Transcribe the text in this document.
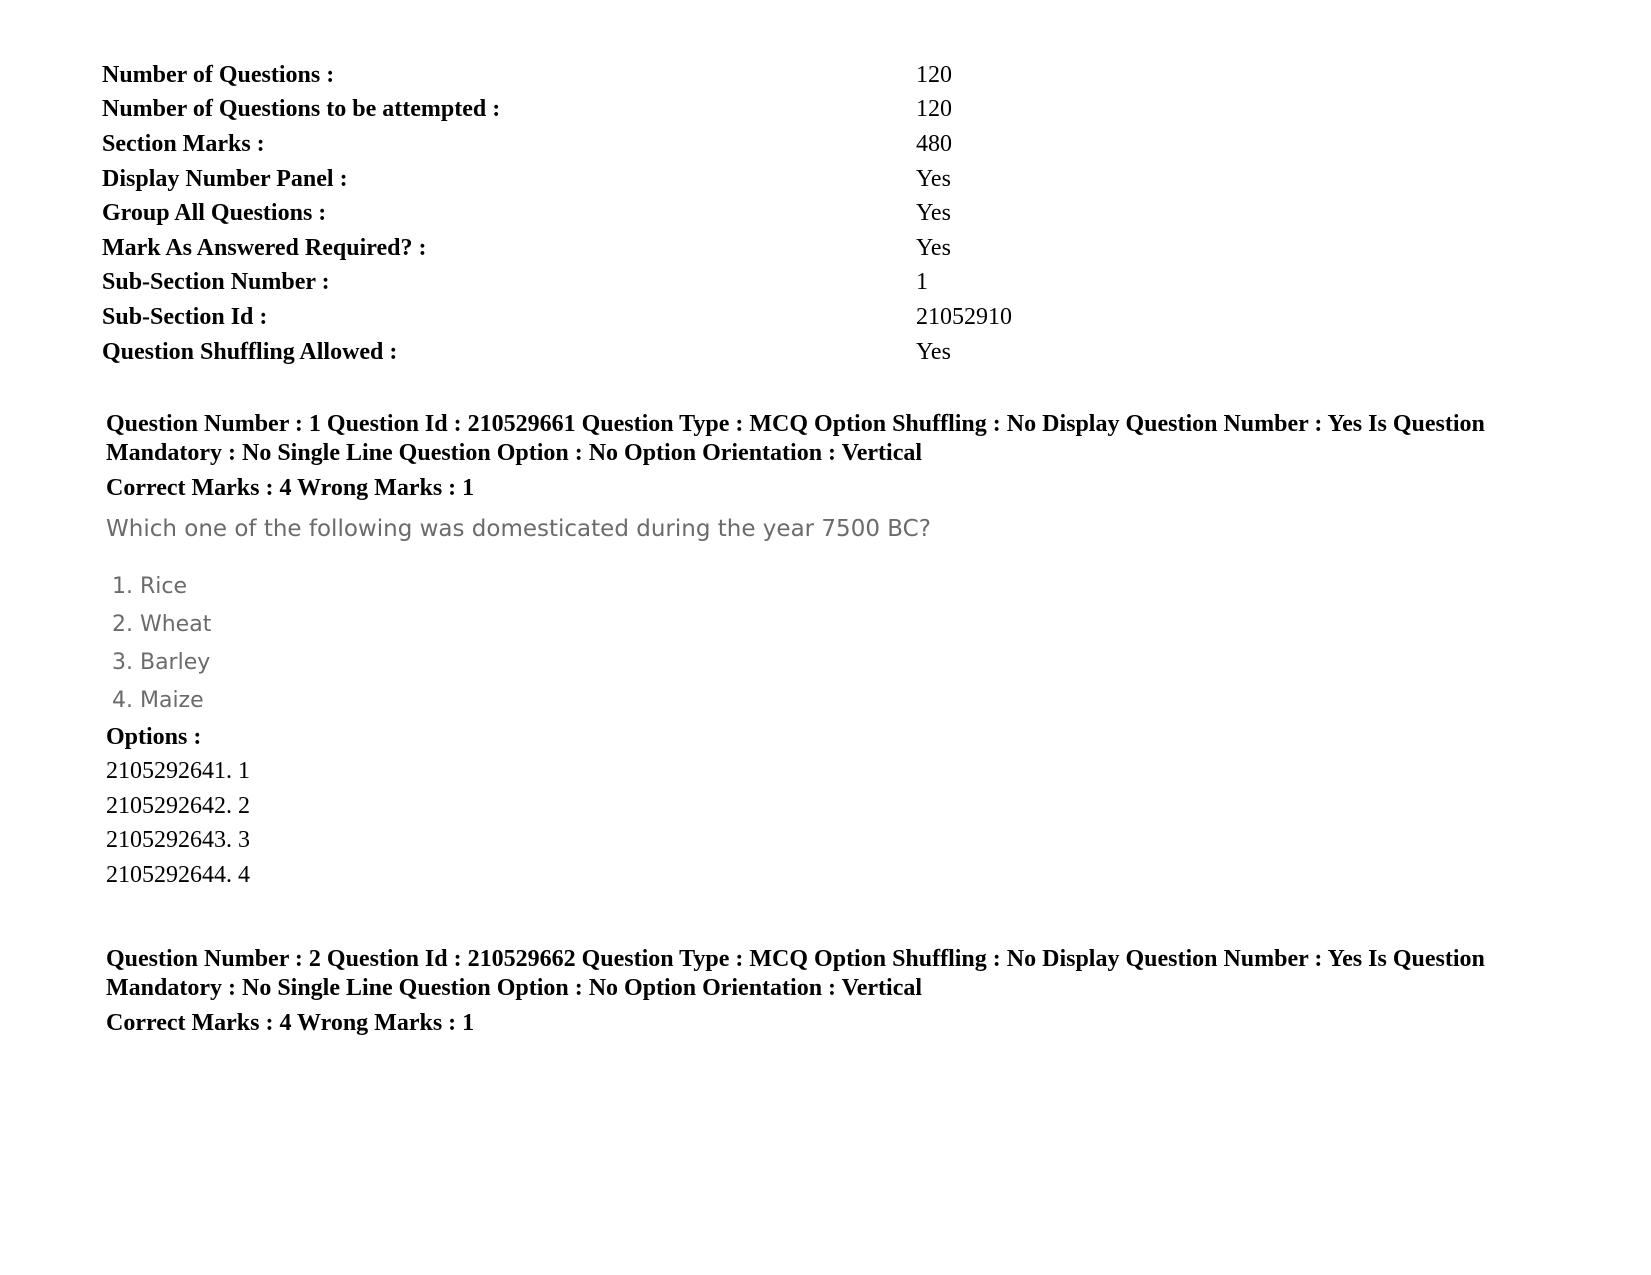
Number of Questions :	120
Number of Questions to be attempted :	120
Section Marks :	480
Display Number Panel :	Yes
Group All Questions :	Yes
Mark As Answered Required? :	Yes
Sub-Section Number :	1
Sub-Section Id :	21052910
Question Shuffling Allowed :	Yes

Question Number : 1 Question Id : 210529661 Question Type : MCQ Option Shuffling : No Display Question Number : Yes Is Question Mandatory : No Single Line Question Option : No Option Orientation : Vertical

Correct Marks : 4 Wrong Marks : 1
Which one of the following was domesticated during the year 7500 BC?
1. Rice
2. Wheat
3. Barley
4. Maize
Options :
2105292641. 1
2105292642. 2
2105292643. 3
2105292644. 4

Question Number : 2 Question Id : 210529662 Question Type : MCQ Option Shuffling : No Display Question Number : Yes Is Question Mandatory : No Single Line Question Option : No Option Orientation : Vertical

Correct Marks : 4 Wrong Marks : 1
